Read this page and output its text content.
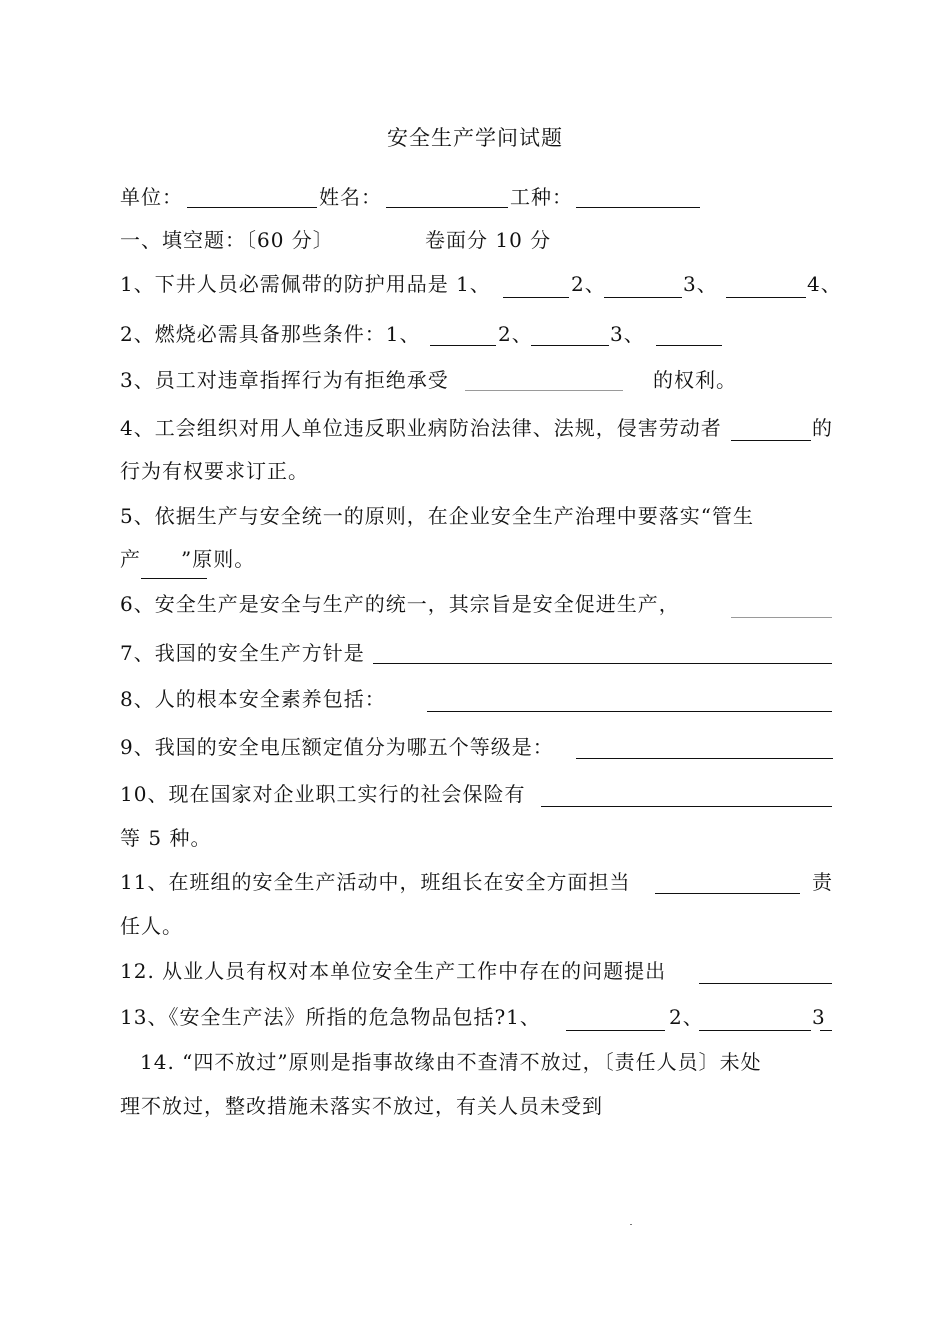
安全生产学问试题
单位：	姓名：	工种：
一、填空题：〔60 分〕	卷面分 10 分
1、下井人员必需佩带的防护用品是 1、	2、	3、	4、
2、燃烧必需具备那些条件：1、	2、	3、
3、员工对违章指挥行为有拒绝承受	的权利。
4、工会组织对用人单位违反职业病防治法律、法规，侵害劳动者	的
行为有权要求订正。
5、依据生产与安全统一的原则，在企业安全生产治理中要落实“管生
产 ”原则。
6、安全生产是安全与生产的统一，其宗旨是安全促进生产，
7、我国的安全生产方针是
8、人的根本安全素养包括：
9、我国的安全电压额定值分为哪五个等级是：
10、现在国家对企业职工实行的社会保险有
等 5 种。
11、在班组的安全生产活动中，班组长在安全方面担当	责
任人。
12. 从业人员有权对本单位安全生产工作中存在的问题提出
13、《安全生产法》所指的危急物品包括?1、	2、	3
14. “四不放过”原则是指事故缘由不查清不放过，〔责任人员〕未处
理不放过，整改措施未落实不放过，有关人员未受到
